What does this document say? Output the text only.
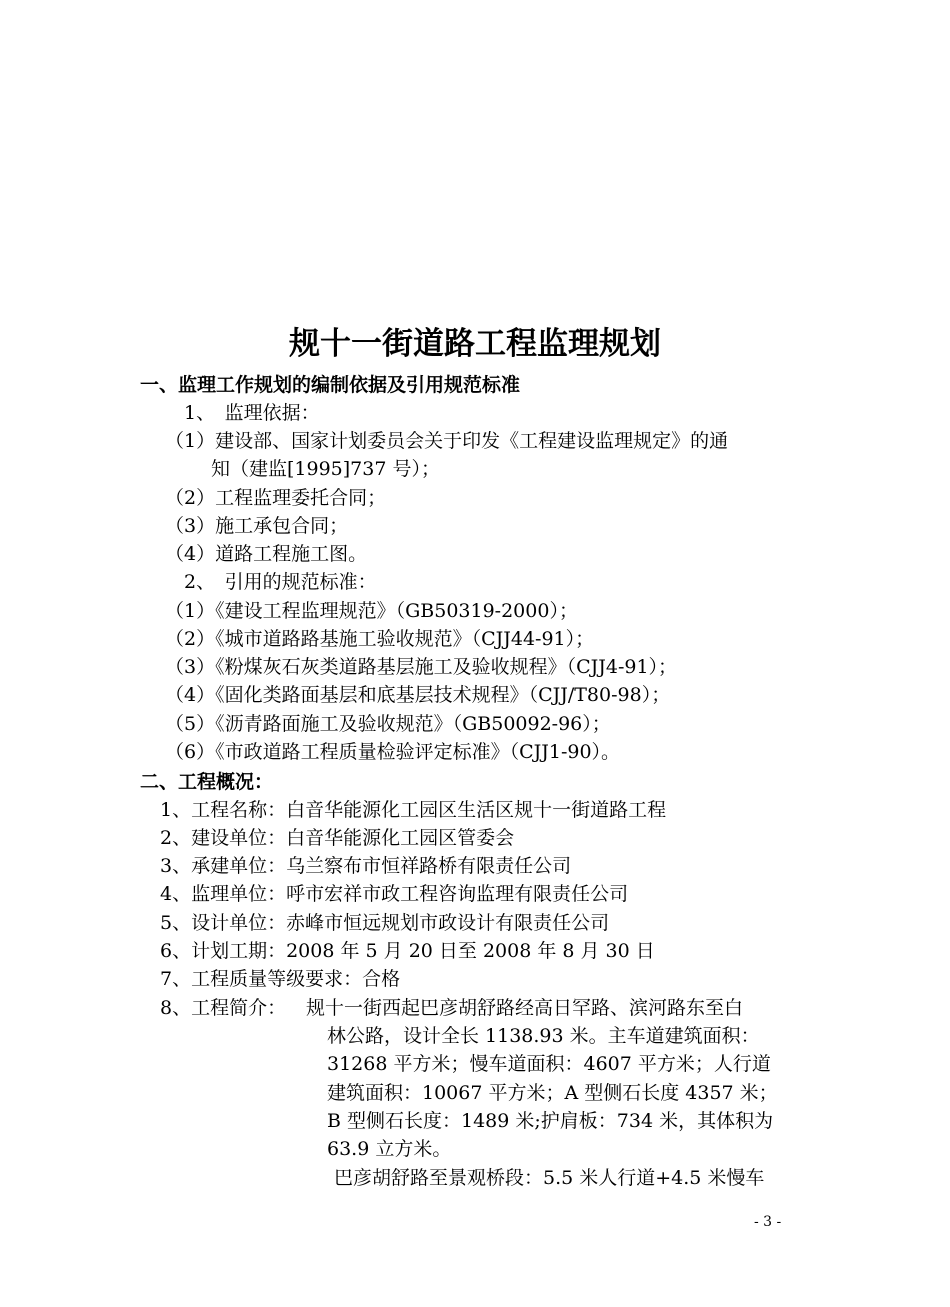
规十一街道路工程监理规划
一、监理工作规划的编制依据及引用规范标准
1、　监理依据：
（1）建设部、国家计划委员会关于印发《工程建设监理规定》的通
知（建监[1995]737 号）；
（2）工程监理委托合同；
（3）施工承包合同；
（4）道路工程施工图。
2、　引用的规范标准：
（1）《建设工程监理规范》（GB50319-2000）；
（2）《城市道路路基施工验收规范》（CJJ44-91）；
（3）《粉煤灰石灰类道路基层施工及验收规程》（CJJ4-91）；
（4）《固化类路面基层和底基层技术规程》（CJJ/T80-98）；
（5）《沥青路面施工及验收规范》（GB50092-96）；
（6）《市政道路工程质量检验评定标准》（CJJ1-90）。
二、工程概况：
1、工程名称：白音华能源化工园区生活区规十一街道路工程
2、建设单位：白音华能源化工园区管委会
3、承建单位：乌兰察布市恒祥路桥有限责任公司
4、监理单位：呼市宏祥市政工程咨询监理有限责任公司
5、设计单位：赤峰市恒远规划市政设计有限责任公司
6、计划工期：2008 年 5 月 20 日至 2008 年 8 月 30 日
7、工程质量等级要求：合格
8、工程简介： 规十一街西起巴彦胡舒路经高日罕路、滨河路东至白
林公路，设计全长 1138.93 米。主车道建筑面积：
31268 平方米；慢车道面积：4607 平方米；人行道
建筑面积：10067 平方米；A 型侧石长度 4357 米；
B 型侧石长度：1489 米;护肩板：734 米，其体积为
63.9 立方米。
巴彦胡舒路至景观桥段：5.5 米人行道+4.5 米慢车
- 3 -
